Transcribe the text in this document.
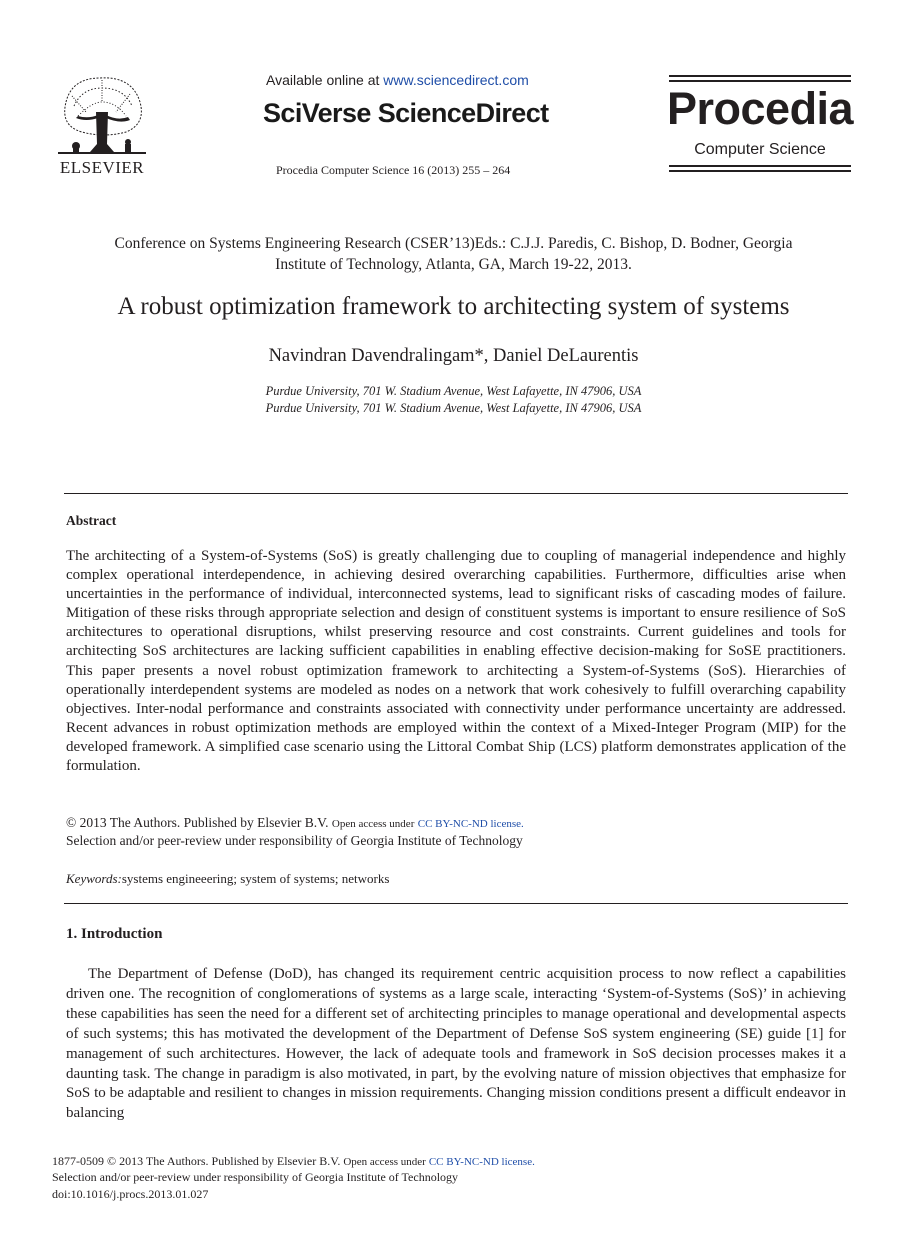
ELSEVIER
Available online at www.sciencedirect.com
SciVerse ScienceDirect
Procedia Computer Science 16 (2013) 255 – 264
Procedia
Computer Science
Conference on Systems Engineering Research (CSER’13)Eds.: C.J.J. Paredis, C. Bishop, D. Bodner, Georgia
Institute of Technology, Atlanta, GA, March 19-22, 2013.
A robust optimization framework to architecting system of systems
Navindran Davendralingam*, Daniel DeLaurentis
Purdue University, 701 W. Stadium Avenue, West Lafayette, IN 47906, USA
Purdue University, 701 W. Stadium Avenue, West Lafayette, IN 47906, USA
Abstract

The architecting of a System-of-Systems (SoS) is greatly challenging due to coupling of managerial independence and highly complex operational interdependence, in achieving desired overarching capabilities. Furthermore, difficulties arise when uncertainties in the performance of individual, interconnected systems, lead to significant risks of cascading modes of failure. Mitigation of these risks through appropriate selection and design of constituent systems is important to ensure resilience of SoS architectures to operational disruptions, whilst preserving resource and cost constraints. Current guidelines and tools for architecting SoS architectures are lacking sufficient capabilities in enabling effective decision-making for SoSE practitioners. This paper presents a novel robust optimization framework to architecting a System-of-Systems (SoS). Hierarchies of operationally interdependent systems are modeled as nodes on a network that work cohesively to fulfill overarching capability objectives. Inter-nodal performance and constraints associated with connectivity under performance uncertainty are addressed. Recent advances in robust optimization methods are employed within the context of a Mixed-Integer Program (MIP) for the developed framework. A simplified case scenario using the Littoral Combat Ship (LCS) platform demonstrates application of the formulation.

© 2013 The Authors. Published by Elsevier B.V. Open access under CC BY-NC-ND license.
Selection and/or peer-review under responsibility of Georgia Institute of Technology
Keywords:systems engineeering; system of systems; networks
1. Introduction

The Department of Defense (DoD), has changed its requirement centric acquisition process to now reflect a capabilities driven one. The recognition of conglomerations of systems as a large scale, interacting ‘System-of-Systems (SoS)’ in achieving these capabilities has seen the need for a different set of architecting principles to manage operational and developmental aspects of such systems; this has motivated the development of the Department of Defense SoS system engineering (SE) guide [1] for management of such architectures. However, the lack of adequate tools and framework in SoS decision processes makes it a daunting task. The change in paradigm is also motivated, in part, by the evolving nature of mission objectives that emphasize for SoS to be adaptable and resilient to changes in mission requirements. Changing mission conditions present a difficult endeavor in balancing

1877-0509 © 2013 The Authors. Published by Elsevier B.V. Open access under CC BY-NC-ND license.
Selection and/or peer-review under responsibility of Georgia Institute of Technology
doi:10.1016/j.procs.2013.01.027
